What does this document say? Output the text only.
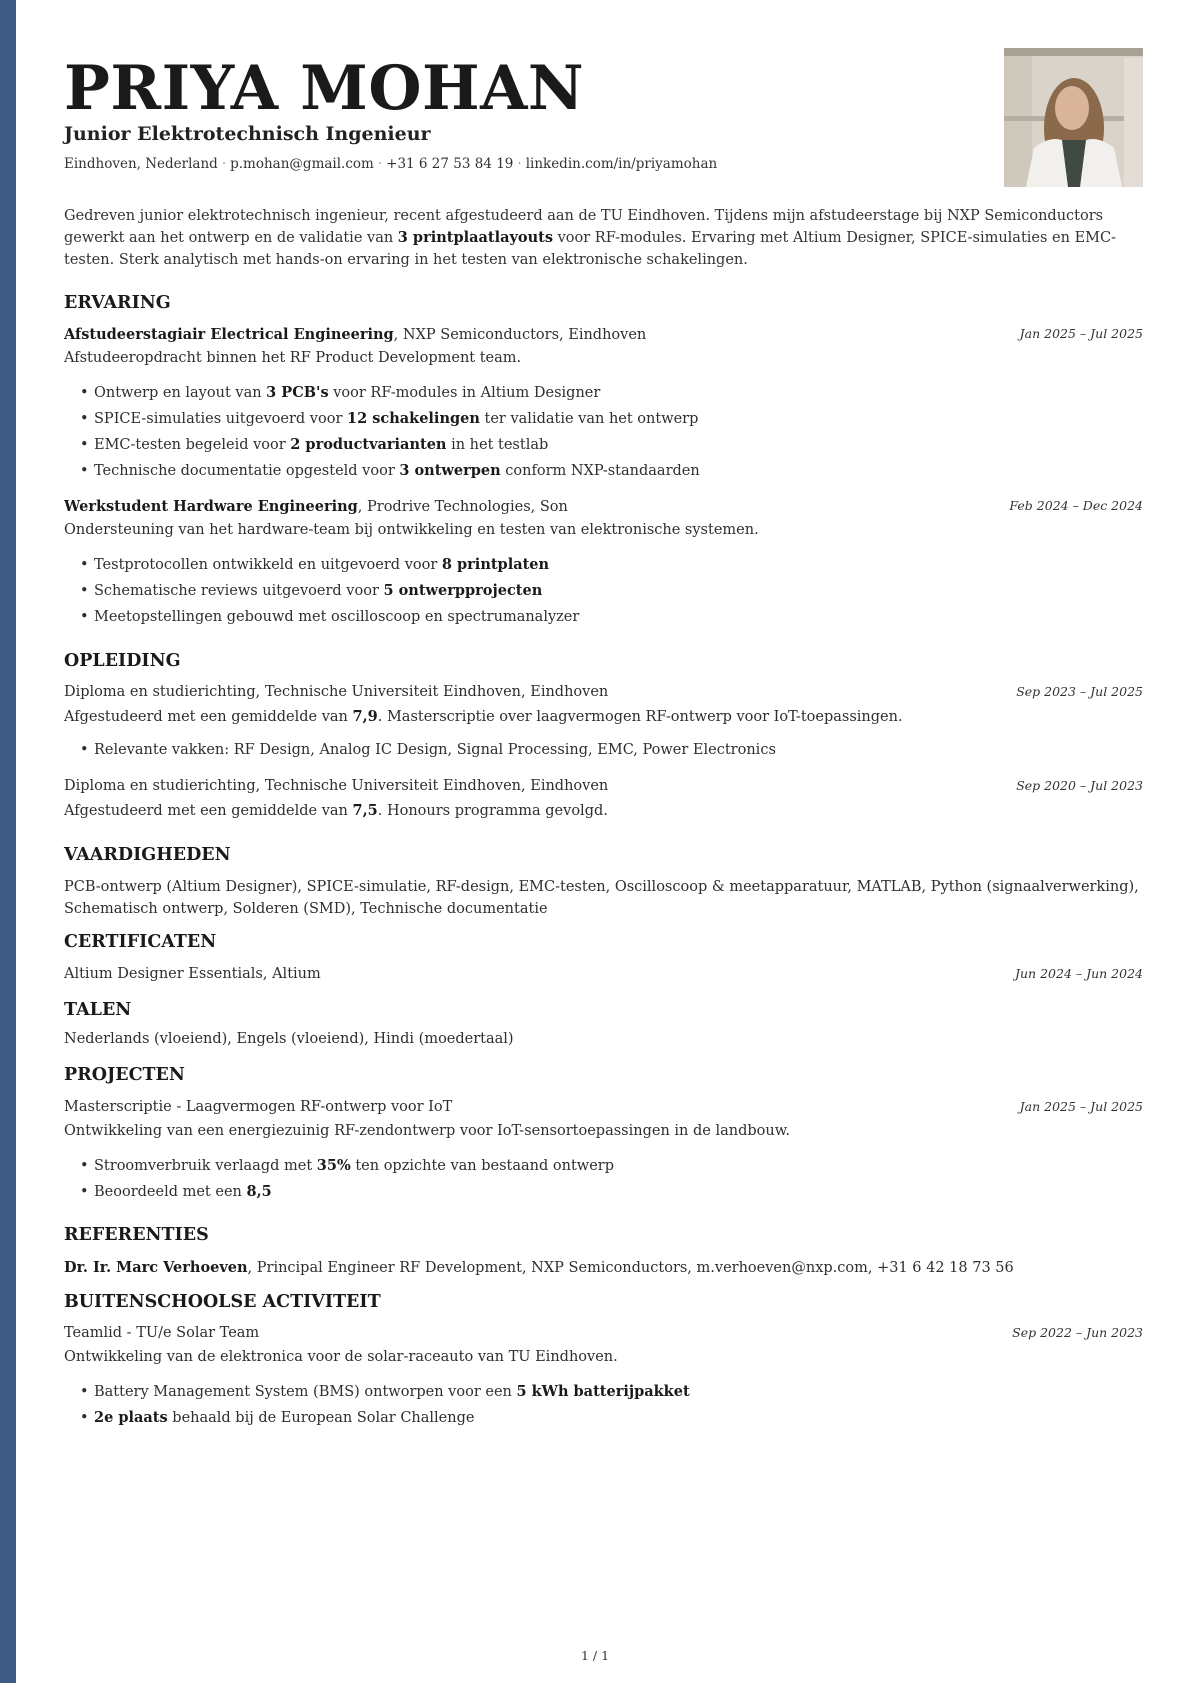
PRIYA MOHAN
Junior Elektrotechnisch Ingenieur
Eindhoven, Nederland · p.mohan@gmail.com · +31 6 27 53 84 19 · linkedin.com/in/priyamohan
Gedreven junior elektrotechnisch ingenieur, recent afgestudeerd aan de TU Eindhoven. Tijdens mijn afstudeerstage bij NXP Semiconductors gewerkt aan het ontwerp en de validatie van 3 printplaatlayouts voor RF-modules. Ervaring met Altium Designer, SPICE-simulaties en EMC-testen. Sterk analytisch met hands-on ervaring in het testen van elektronische schakelingen.
ERVARING
Afstudeerstagiair Electrical Engineering, NXP Semiconductors, Eindhoven	Jan 2025 – Jul 2025
Afstudeeropdracht binnen het RF Product Development team.
• Ontwerp en layout van 3 PCB's voor RF-modules in Altium Designer
• SPICE-simulaties uitgevoerd voor 12 schakelingen ter validatie van het ontwerp
• EMC-testen begeleid voor 2 productvarianten in het testlab
• Technische documentatie opgesteld voor 3 ontwerpen conform NXP-standaarden
Werkstudent Hardware Engineering, Prodrive Technologies, Son	Feb 2024 – Dec 2024
Ondersteuning van het hardware-team bij ontwikkeling en testen van elektronische systemen.
• Testprotocollen ontwikkeld en uitgevoerd voor 8 printplaten
• Schematische reviews uitgevoerd voor 5 ontwerpprojecten
• Meetopstellingen gebouwd met oscilloscoop en spectrumanalyzer
OPLEIDING
Diploma en studierichting, Technische Universiteit Eindhoven, Eindhoven	Sep 2023 – Jul 2025
Afgestudeerd met een gemiddelde van 7,9. Masterscriptie over laagvermogen RF-ontwerp voor IoT-toepassingen.
• Relevante vakken: RF Design, Analog IC Design, Signal Processing, EMC, Power Electronics
Diploma en studierichting, Technische Universiteit Eindhoven, Eindhoven	Sep 2020 – Jul 2023
Afgestudeerd met een gemiddelde van 7,5. Honours programma gevolgd.
VAARDIGHEDEN
PCB-ontwerp (Altium Designer), SPICE-simulatie, RF-design, EMC-testen, Oscilloscoop & meetapparatuur, MATLAB, Python (signaalverwerking), Schematisch ontwerp, Solderen (SMD), Technische documentatie
CERTIFICATEN
Altium Designer Essentials, Altium	Jun 2024 – Jun 2024
TALEN
Nederlands (vloeiend), Engels (vloeiend), Hindi (moedertaal)
PROJECTEN
Masterscriptie - Laagvermogen RF-ontwerp voor IoT	Jan 2025 – Jul 2025
Ontwikkeling van een energiezuinig RF-zendontwerp voor IoT-sensortoepassingen in de landbouw.
• Stroomverbruik verlaagd met 35% ten opzichte van bestaand ontwerp
• Beoordeeld met een 8,5
REFERENTIES
Dr. Ir. Marc Verhoeven, Principal Engineer RF Development, NXP Semiconductors, m.verhoeven@nxp.com, +31 6 42 18 73 56
BUITENSCHOOLSE ACTIVITEIT
Teamlid - TU/e Solar Team	Sep 2022 – Jun 2023
Ontwikkeling van de elektronica voor de solar-raceauto van TU Eindhoven.
• Battery Management System (BMS) ontworpen voor een 5 kWh batterijpakket
• 2e plaats behaald bij de European Solar Challenge
1 / 1
